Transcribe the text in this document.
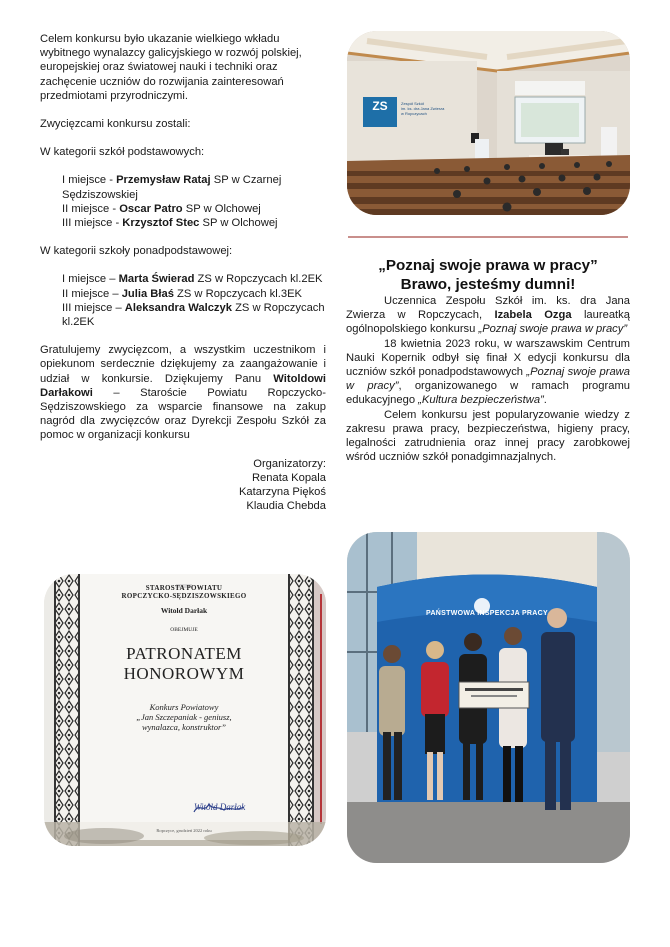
Celem konkursu było ukazanie wielkiego wkładu wybitnego wynalazcy galicyjskiego w rozwój polskiej, europejskiej oraz światowej nauki i techniki oraz zachęcenie uczniów do rozwijania zainteresowań przedmiotami przyrodniczymi.

Zwycięzcami konkursu zostali:

W kategorii szkół podstawowych:

I miejsce - Przemysław Rataj SP w Czarnej Sędziszowskiej

II miejsce - Oscar Patro SP w Olchowej

III miejsce - Krzysztof Stec SP w Olchowej

W kategorii szkoły ponadpodstawowej:

I miejsce – Marta Świerad ZS w Ropczycach kl.2EK

II miejsce – Julia Błaś ZS w Ropczycach kl.3EK

III miejsce – Aleksandra Walczyk ZS w Ropczycach kl.2EK

Gratulujemy zwycięzcom, a wszystkim uczestnikom i opiekunom serdecznie dziękujemy za zaangażowanie i udział w konkursie. Dziękujemy Panu Witoldowi Darłakowi – Staroście Powiatu Ropczycko-Sędziszowskiego za wsparcie finansowe na zakup nagród dla zwycięzców oraz Dyrekcji Zespołu Szkół za pomoc w organizacji konkursu

Organizatorzy:

Renata Kopala

Katarzyna Piękoś

Klaudia Chebda

STAROSTA POWIATU
ROPCZYCKO-SĘDZISZOWSKIEGO
Witold Darłak
OBEJMUJE
PATRONATEM
HONOROWYM
Konkurs Powiatowy
„Jan Szczepaniak - geniusz,
wynalazca, konstruktor”
Witold Darłak
Ropczyce, grudzień 2022 roku
ZS	Zespół Szkół
im. ks. dra Jana Zwierza
w Ropczycach
„Poznaj swoje prawa w pracy”
Brawo, jesteśmy dumni!

Uczennica Zespołu Szkół im. ks. dra Jana Zwierza w Ropczycach, Izabela Ozga laureatką ogólnopolskiego konkursu „Poznaj swoje prawa w pracy”

18 kwietnia 2023 roku, w warszawskim Centrum Nauki Kopernik odbył się finał X edycji konkursu dla uczniów szkół ponadpodstawowych „Poznaj swoje prawa w pracy”, organizowanego w ramach programu edukacyjnego „Kultura bezpieczeństwa”.

Celem konkursu jest popularyzowanie wiedzy z zakresu prawa pracy, bezpieczeństwa, higieny pracy, legalności zatrudnienia oraz innej pracy zarobkowej wśród uczniów szkół ponadgimnazjalnych.

PAŃSTWOWA INSPEKCJA PRACY
